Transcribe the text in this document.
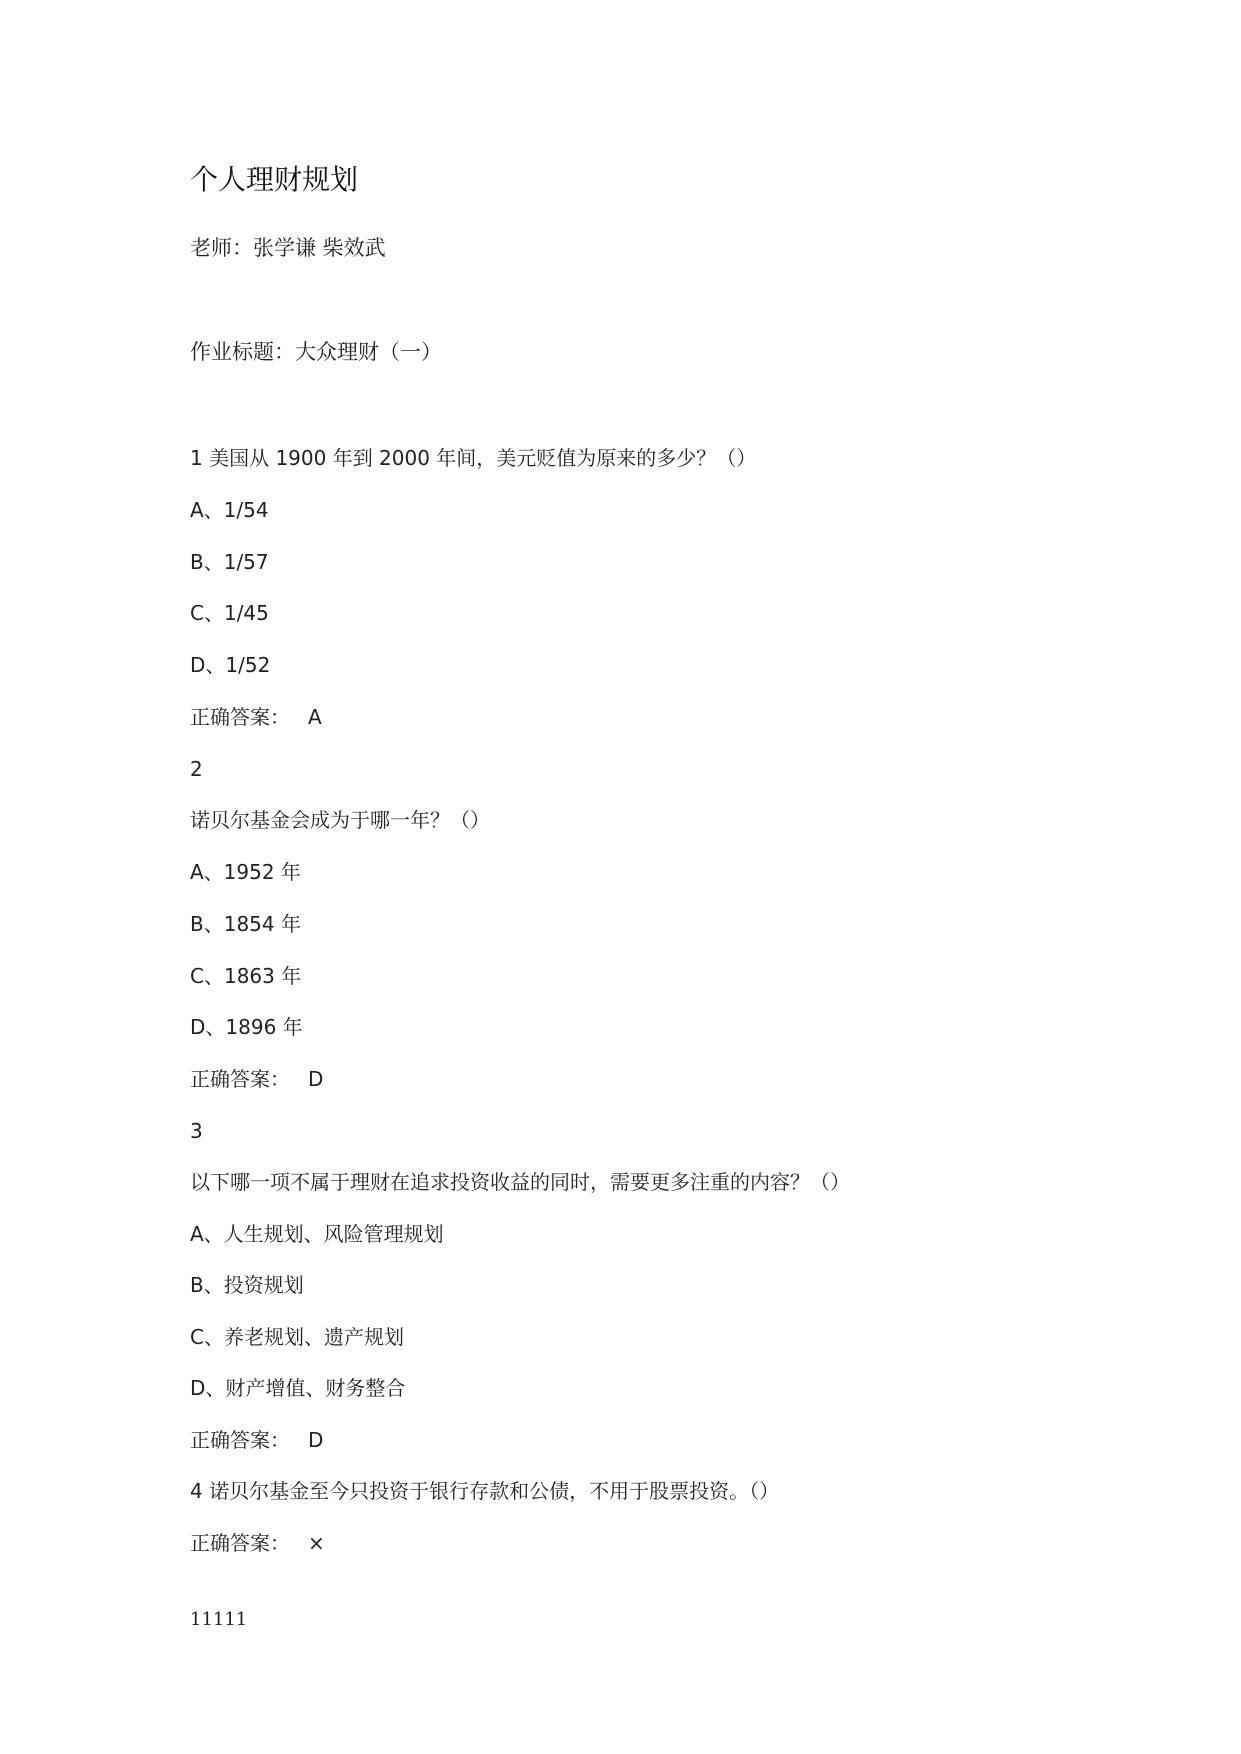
个人理财规划
老师：张学谦 柴效武
作业标题：大众理财（一）
1 美国从 1900 年到 2000 年间，美元贬值为原来的多少？（）
A、1/54
B、1/57
C、1/45
D、1/52
正确答案： A
2
诺贝尔基金会成为于哪一年？（）
A、1952 年
B、1854 年
C、1863 年
D、1896 年
正确答案： D
3
以下哪一项不属于理财在追求投资收益的同时，需要更多注重的内容？（）
A、人生规划、风险管理规划
B、投资规划
C、养老规划、遗产规划
D、财产增值、财务整合
正确答案： D
4 诺贝尔基金至今只投资于银行存款和公债，不用于股票投资。（）
正确答案： ×
11111
